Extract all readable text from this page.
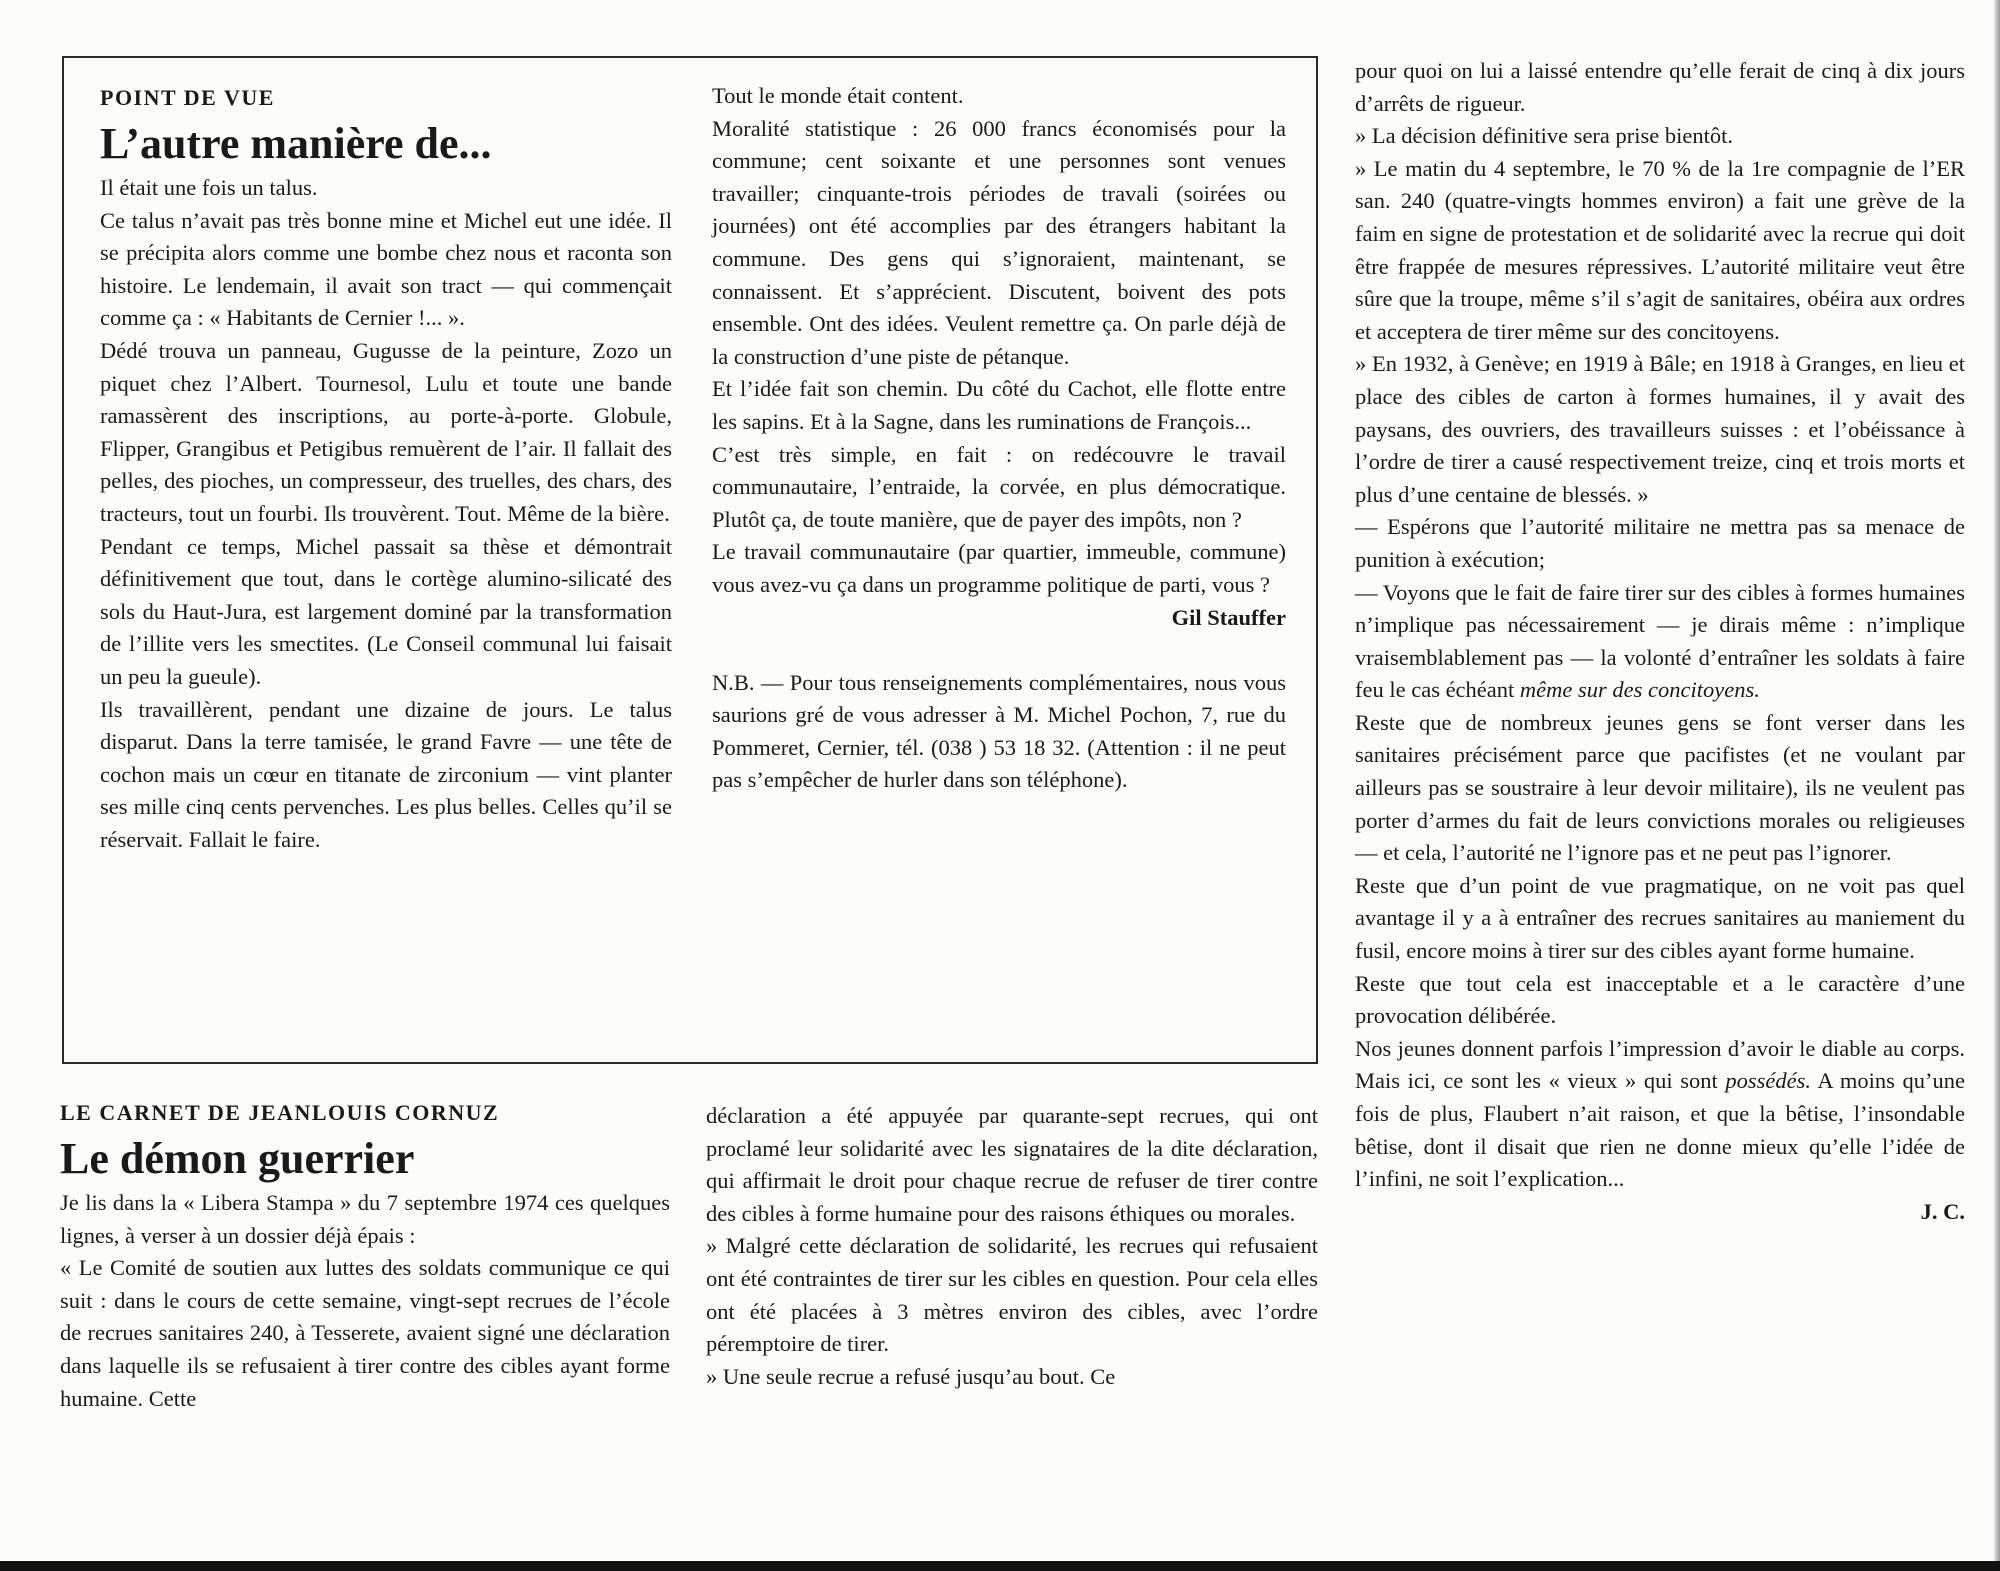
POINT DE VUE

L’autre manière de...

Il était une fois un talus.

Ce talus n’avait pas très bonne mine et Michel eut une idée. Il se précipita alors comme une bombe chez nous et raconta son histoire. Le lendemain, il avait son tract — qui commençait comme ça : « Habitants de Cernier !... ».

Dédé trouva un panneau, Gugusse de la peinture, Zozo un piquet chez l’Albert. Tournesol, Lulu et toute une bande ramassèrent des inscriptions, au porte-à-porte. Globule, Flipper, Grangibus et Petigibus remuèrent de l’air. Il fallait des pelles, des pioches, un compresseur, des truelles, des chars, des tracteurs, tout un fourbi. Ils trouvèrent. Tout. Même de la bière.

Pendant ce temps, Michel passait sa thèse et démontrait définitivement que tout, dans le cortège alumino-silicaté des sols du Haut-Jura, est largement dominé par la transformation de l’illite vers les smectites. (Le Conseil communal lui faisait un peu la gueule).

Ils travaillèrent, pendant une dizaine de jours. Le talus disparut. Dans la terre tamisée, le grand Favre — une tête de cochon mais un cœur en titanate de zirconium — vint planter ses mille cinq cents pervenches. Les plus belles. Celles qu’il se réservait. Fallait le faire.

Tout le monde était content.

Moralité statistique : 26 000 francs économisés pour la commune; cent soixante et une personnes sont venues travailler; cinquante-trois périodes de travali (soirées ou journées) ont été accomplies par des étrangers habitant la commune. Des gens qui s’ignoraient, maintenant, se connaissent. Et s’apprécient. Discutent, boivent des pots ensemble. Ont des idées. Veulent remettre ça. On parle déjà de la construction d’une piste de pétanque.

Et l’idée fait son chemin. Du côté du Cachot, elle flotte entre les sapins. Et à la Sagne, dans les ruminations de François...

C’est très simple, en fait : on redécouvre le travail communautaire, l’entraide, la corvée, en plus démocratique. Plutôt ça, de toute manière, que de payer des impôts, non ?

Le travail communautaire (par quartier, immeuble, commune) vous avez-vu ça dans un programme politique de parti, vous ?

Gil Stauffer

N.B. — Pour tous renseignements complémentaires, nous vous saurions gré de vous adresser à M. Michel Pochon, 7, rue du Pommeret, Cernier, tél. (038 ) 53 18 32. (Attention : il ne peut pas s’empêcher de hurler dans son téléphone).

pour quoi on lui a laissé entendre qu’elle ferait de cinq à dix jours d’arrêts de rigueur.

» La décision définitive sera prise bientôt.

» Le matin du 4 septembre, le 70 % de la 1re compagnie de l’ER san. 240 (quatre-vingts hommes environ) a fait une grève de la faim en signe de protestation et de solidarité avec la recrue qui doit être frappée de mesures répressives. L’autorité militaire veut être sûre que la troupe, même s’il s’agit de sanitaires, obéira aux ordres et acceptera de tirer même sur des concitoyens.

» En 1932, à Genève; en 1919 à Bâle; en 1918 à Granges, en lieu et place des cibles de carton à formes humaines, il y avait des paysans, des ouvriers, des travailleurs suisses : et l’obéissance à l’ordre de tirer a causé respectivement treize, cinq et trois morts et plus d’une centaine de blessés. »

— Espérons que l’autorité militaire ne mettra pas sa menace de punition à exécution;

— Voyons que le fait de faire tirer sur des cibles à formes humaines n’implique pas nécessairement — je dirais même : n’implique vraisemblablement pas — la volonté d’entraîner les soldats à faire feu le cas échéant même sur des concitoyens.

Reste que de nombreux jeunes gens se font verser dans les sanitaires précisément parce que pacifistes (et ne voulant par ailleurs pas se soustraire à leur devoir militaire), ils ne veulent pas porter d’armes du fait de leurs convictions morales ou religieuses — et cela, l’autorité ne l’ignore pas et ne peut pas l’ignorer.

Reste que d’un point de vue pragmatique, on ne voit pas quel avantage il y a à entraîner des recrues sanitaires au maniement du fusil, encore moins à tirer sur des cibles ayant forme humaine.

Reste que tout cela est inacceptable et a le caractère d’une provocation délibérée.

Nos jeunes donnent parfois l’impression d’avoir le diable au corps. Mais ici, ce sont les « vieux » qui sont possédés. A moins qu’une fois de plus, Flaubert n’ait raison, et que la bêtise, l’insondable bêtise, dont il disait que rien ne donne mieux qu’elle l’idée de l’infini, ne soit l’explication...

J. C.

LE CARNET DE JEANLOUIS CORNUZ

Le démon guerrier

Je lis dans la « Libera Stampa » du 7 septembre 1974 ces quelques lignes, à verser à un dossier déjà épais :

« Le Comité de soutien aux luttes des soldats communique ce qui suit : dans le cours de cette semaine, vingt-sept recrues de l’école de recrues sanitaires 240, à Tesserete, avaient signé une déclaration dans laquelle ils se refusaient à tirer contre des cibles ayant forme humaine. Cette

déclaration a été appuyée par quarante-sept recrues, qui ont proclamé leur solidarité avec les signataires de la dite déclaration, qui affirmait le droit pour chaque recrue de refuser de tirer contre des cibles à forme humaine pour des raisons éthiques ou morales.

» Malgré cette déclaration de solidarité, les recrues qui refusaient ont été contraintes de tirer sur les cibles en question. Pour cela elles ont été placées à 3 mètres environ des cibles, avec l’ordre péremptoire de tirer.

» Une seule recrue a refusé jusqu’au bout. Ce
